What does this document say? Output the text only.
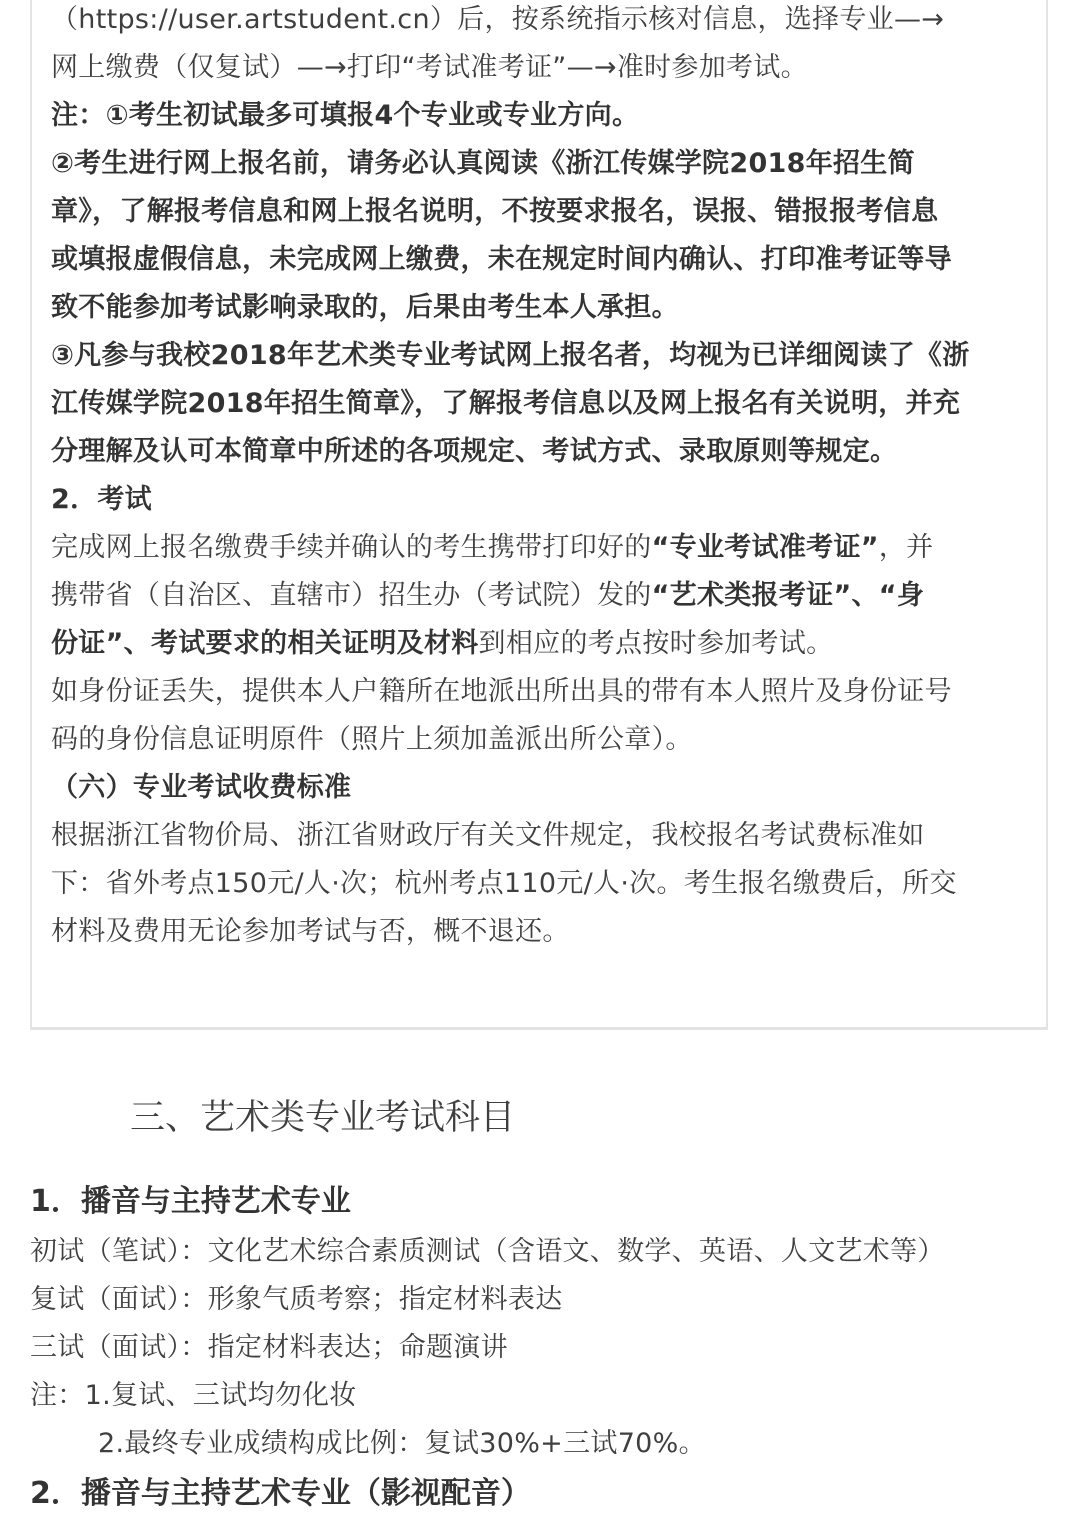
（https://user.artstudent.cn）后，按系统指示核对信息，选择专业—→
网上缴费（仅复试）—→打印“考试准考证”—→准时参加考试。
注：①考生初试最多可填报4个专业或专业方向。
②考生进行网上报名前，请务必认真阅读《浙江传媒学院2018年招生简
章》，了解报考信息和网上报名说明，不按要求报名，误报、错报报考信息
或填报虚假信息，未完成网上缴费，未在规定时间内确认、打印准考证等导
致不能参加考试影响录取的，后果由考生本人承担。
③凡参与我校2018年艺术类专业考试网上报名者，均视为已详细阅读了《浙
江传媒学院2018年招生简章》，了解报考信息以及网上报名有关说明，并充
分理解及认可本简章中所述的各项规定、考试方式、录取原则等规定。
2．考试
完成网上报名缴费手续并确认的考生携带打印好的“专业考试准考证”，并
携带省（自治区、直辖市）招生办（考试院）发的“艺术类报考证”、“身
份证”、考试要求的相关证明及材料到相应的考点按时参加考试。
如身份证丢失，提供本人户籍所在地派出所出具的带有本人照片及身份证号
码的身份信息证明原件（照片上须加盖派出所公章）。
（六）专业考试收费标准
根据浙江省物价局、浙江省财政厅有关文件规定，我校报名考试费标准如
下：省外考点150元/人·次；杭州考点110元/人·次。考生报名缴费后，所交
材料及费用无论参加考试与否，概不退还。
三、艺术类专业考试科目
1．播音与主持艺术专业
初试（笔试）：文化艺术综合素质测试（含语文、数学、英语、人文艺术等）
复试（面试）：形象气质考察；指定材料表达
三试（面试）：指定材料表达；命题演讲
注：1.复试、三试均勿化妆
2.最终专业成绩构成比例：复试30%+三试70%。
2．播音与主持艺术专业（影视配音）
